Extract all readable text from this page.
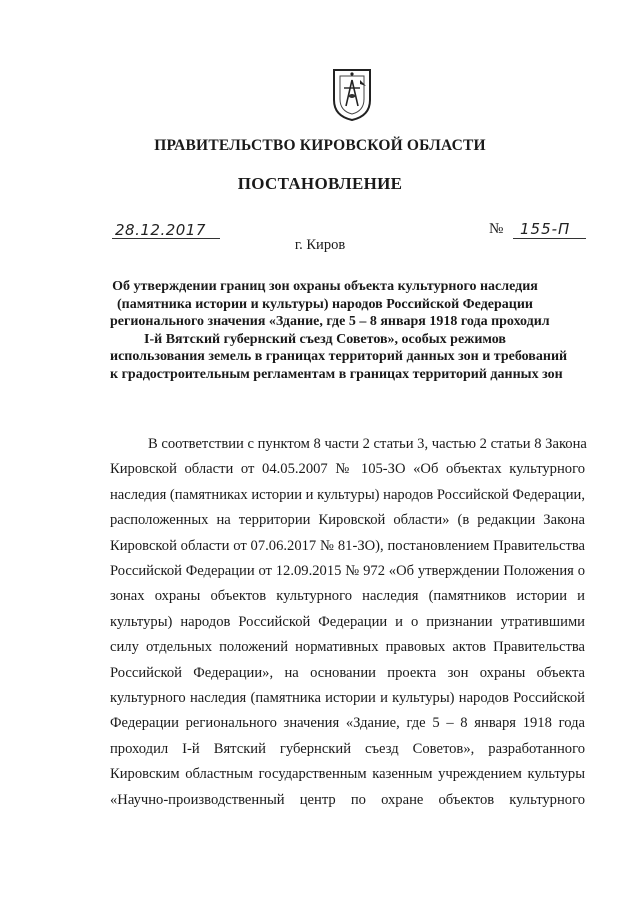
ПРАВИТЕЛЬСТВО КИРОВСКОЙ ОБЛАСТИ
ПОСТАНОВЛЕНИЕ
28.12.2017	№ 155-П
г. Киров
Об утверждении границ зон охраны объекта культурного наследия
(памятника истории и культуры) народов Российской Федерации
регионального значения «Здание, где 5 – 8 января 1918 года проходил
I-й Вятский губернский съезд Советов», особых режимов
использования земель в границах территорий данных зон и требований
к градостроительным регламентам в границах территорий данных зон
В соответствии с пунктом 8 части 2 статьи 3, частью 2 статьи 8 Закона
Кировской области от 04.05.2007 № 105-ЗО «Об объектах культурного
наследия (памятниках истории и культуры) народов Российской Федерации,
расположенных на территории Кировской области» (в редакции Закона
Кировской области от 07.06.2017 № 81-ЗО), постановлением Правительства
Российской Федерации от 12.09.2015 № 972 «Об утверждении Положения о
зонах охраны объектов культурного наследия (памятников истории и
культуры) народов Российской Федерации и о признании утратившими
силу отдельных положений нормативных правовых актов Правительства
Российской Федерации», на основании проекта зон охраны объекта
культурного наследия (памятника истории и культуры) народов Российской
Федерации регионального значения «Здание, где 5 – 8 января 1918 года
проходил I-й Вятский губернский съезд Советов», разработанного
Кировским областным государственным казенным учреждением культуры
«Научно-производственный центр по охране объектов культурного
